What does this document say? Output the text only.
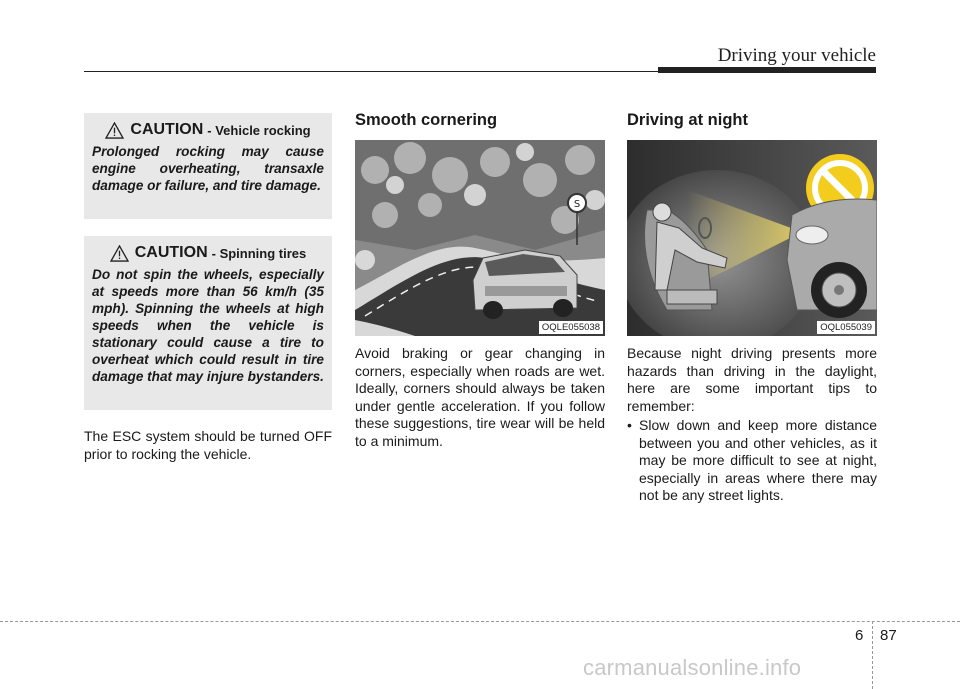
Driving your vehicle
CAUTION - Vehicle rocking
Prolonged rocking may cause engine overheating, transaxle damage or failure, and tire damage.
CAUTION - Spinning tires
Do not spin the wheels, especially at speeds more than 56 km/h (35 mph). Spinning the wheels at high speeds when the vehicle is stationary could cause a tire to overheat which could result in tire damage that may injure bystanders.
The ESC system should be turned OFF prior to rocking the vehicle.
Smooth cornering
S
OQLE055038
Avoid braking or gear changing in corners, especially when roads are wet. Ideally, corners should always be taken under gentle acceleration. If you follow these suggestions, tire wear will be held to a minimum.
Driving at night
OQL055039
Because night driving presents more hazards than driving in the daylight, here are some important tips to remember:
• Slow down and keep more distance between you and other vehicles, as it may be more difficult to see at night, especially in areas where there may not be any street lights.
6 87
carmanualsonline.info
